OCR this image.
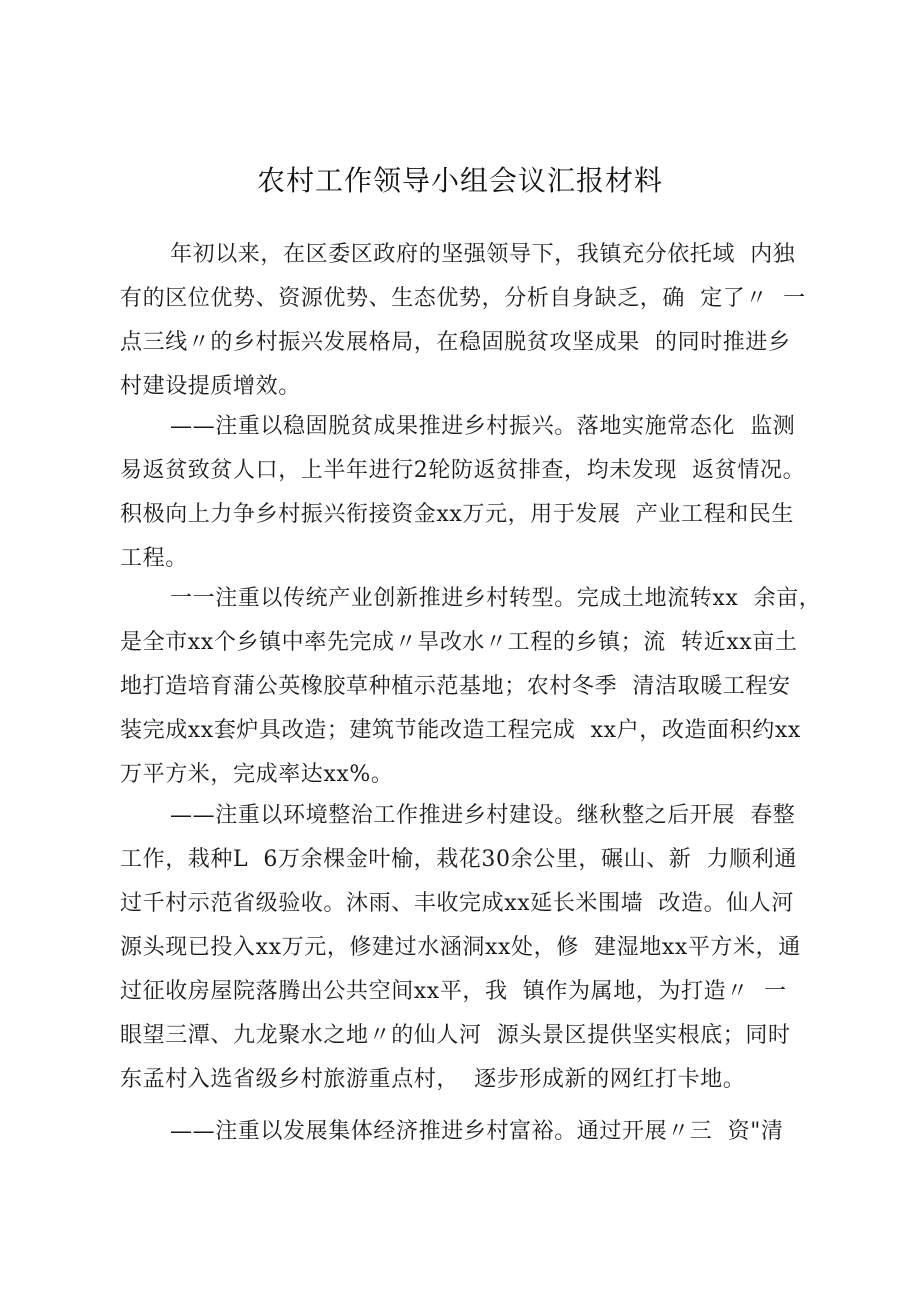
农村工作领导小组会议汇报材料
年初以来，在区委区政府的坚强领导下，我镇充分依托域  内独
有的区位优势、资源优势、生态优势，分析自身缺乏，确  定了〃  一
点三线〃的乡村振兴发展格局，在稳固脱贫攻坚成果  的同时推进乡
村建设提质增效。
——注重以稳固脱贫成果推进乡村振兴。落地实施常态化  监测
易返贫致贫人口，上半年进行2轮防返贫排查，均未发现  返贫情况。
积极向上力争乡村振兴衔接资金xx万元，用于发展  产业工程和民生
工程。
一一注重以传统产业创新推进乡村转型。完成土地流转xx  余亩，
是全市xx个乡镇中率先完成〃旱改水〃工程的乡镇；流  转近xx亩土
地打造培育蒲公英橡胶草种植示范基地；农村冬季  清洁取暖工程安
装完成xx套炉具改造；建筑节能改造工程完成  xx户，改造面积约xx
万平方米，完成率达xx%。
——注重以环境整治工作推进乡村建设。继秋整之后开展  春整
工作，栽种L  6万余棵金叶榆，栽花30余公里，碾山、新  力顺利通
过千村示范省级验收。沐雨、丰收完成xx延长米围墙  改造。仙人河
源头现已投入xx万元，修建过水涵洞xx处，修  建湿地xx平方米，通
过征收房屋院落腾出公共空间xx平，我  镇作为属地，为打造〃  一
眼望三潭、九龙聚水之地〃的仙人河  源头景区提供坚实根底；同时
东孟村入选省级乡村旅游重点村，  逐步形成新的网红打卡地。
——注重以发展集体经济推进乡村富裕。通过开展〃三  资"清
